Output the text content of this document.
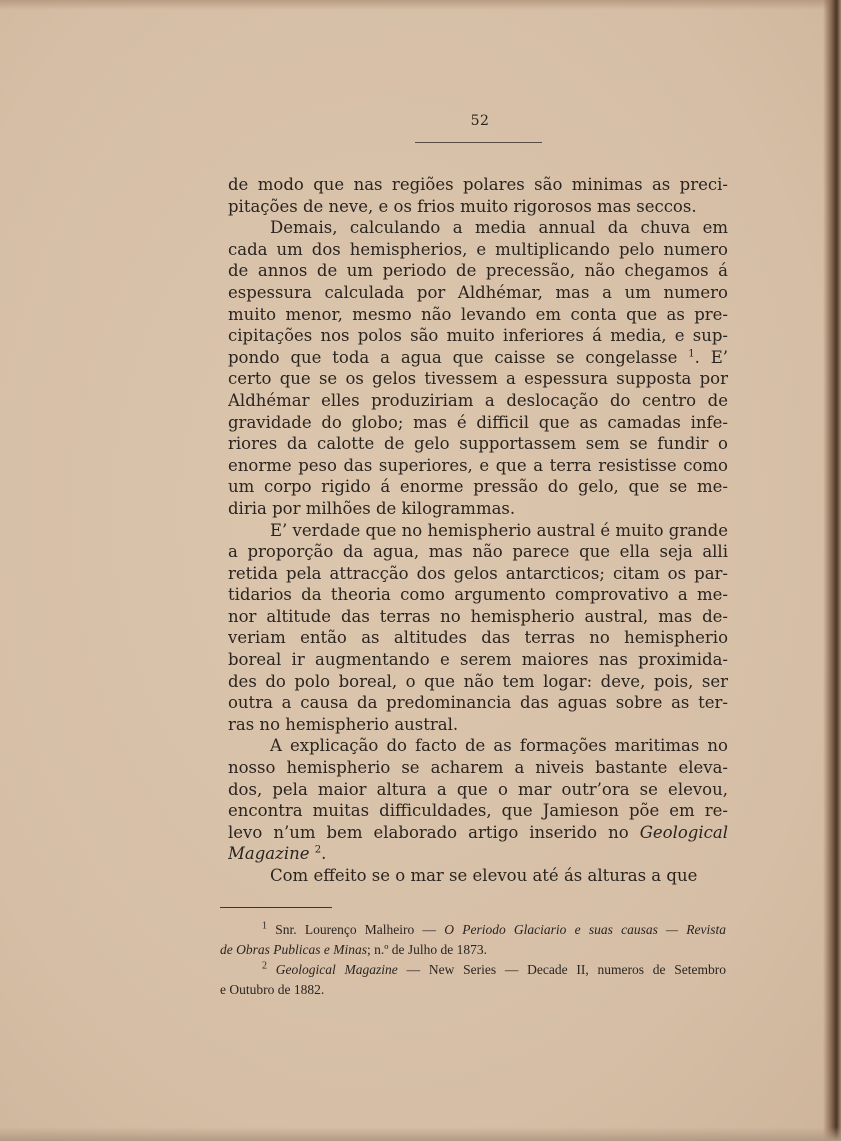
52
de modo que nas regiões polares são minimas as preci-
pitações de neve, e os frios muito rigorosos mas seccos.
Demais, calculando a media annual da chuva em
cada um dos hemispherios, e multiplicando pelo numero
de annos de um periodo de precessão, não chegamos á
espessura calculada por Aldhémar, mas a um numero
muito menor, mesmo não levando em conta que as pre-
cipitações nos polos são muito inferiores á media, e sup-
pondo que toda a agua que caisse se congelasse $^1$. E’
certo que se os gelos tivessem a espessura supposta por
Aldhémar elles produziriam a deslocação do centro de
gravidade do globo; mas é difficil que as camadas infe-
riores da calotte de gelo supportassem sem se fundir o
enorme peso das superiores, e que a terra resistisse como
um corpo rigido á enorme pressão do gelo, que se me-
diria por milhões de kilogrammas.
E’ verdade que no hemispherio austral é muito grande
a proporção da agua, mas não parece que ella seja alli
retida pela attracção dos gelos antarcticos; citam os par-
tidarios da theoria como argumento comprovativo a me-
nor altitude das terras no hemispherio austral, mas de-
veriam então as altitudes das terras no hemispherio
boreal ir augmentando e serem maiores nas proximida-
des do polo boreal, o que não tem logar: deve, pois, ser
outra a causa da predominancia das aguas sobre as ter-
ras no hemispherio austral.
A explicação do facto de as formações maritimas no
nosso hemispherio se acharem a niveis bastante eleva-
dos, pela maior altura a que o mar outr’ora se elevou,
encontra muitas difficuldades, que Jamieson põe em re-
levo n’um bem elaborado artigo inserido no Geological
Magazine $^2$.
Com effeito se o mar se elevou até ás alturas a que
$^1$ Snr. Lourenço Malheiro — O Periodo Glaciario e suas causas — Revista
de Obras Publicas e Minas; n.º de Julho de 1873.
$^2$ Geological Magazine — New Series — Decade II, numeros de Setembro
e Outubro de 1882.
